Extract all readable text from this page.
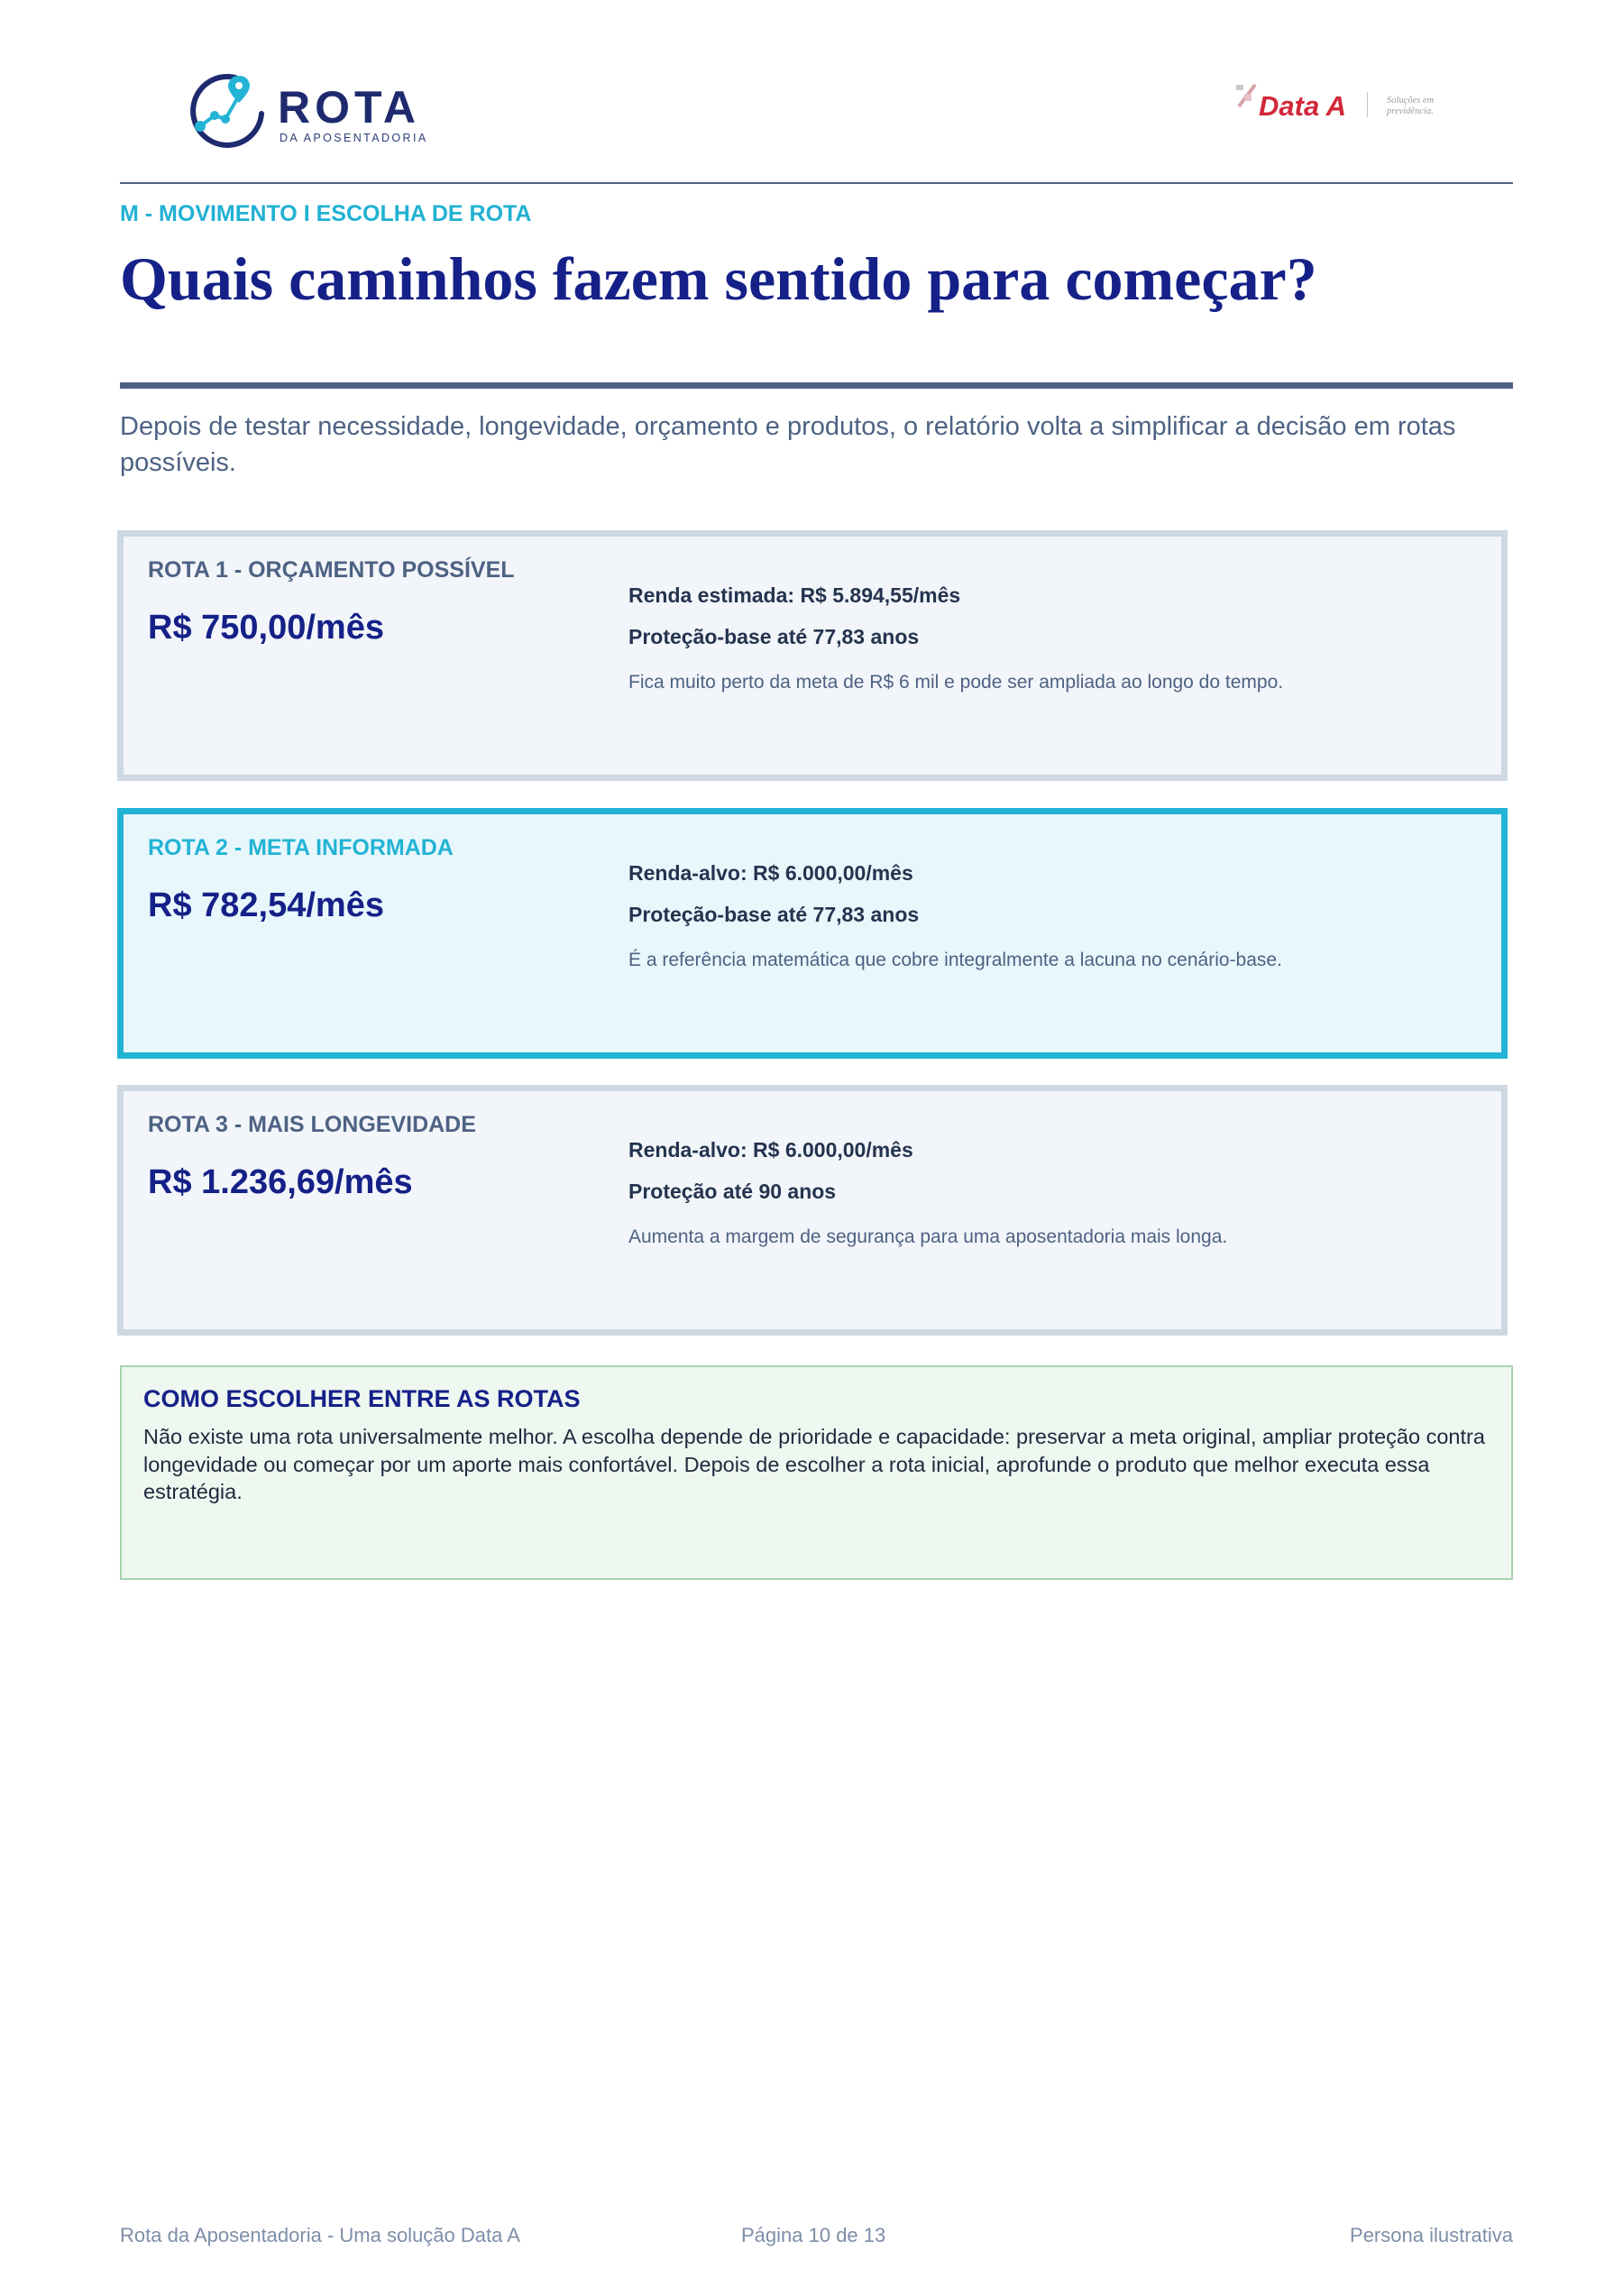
ROTA
DA APOSENTADORIA
Data A	Soluções em
previdência.
M - MOVIMENTO I ESCOLHA DE ROTA
Quais caminhos fazem sentido para começar?
Depois de testar necessidade, longevidade, orçamento e produtos, o relatório volta a simplificar a decisão em rotas possíveis.
ROTA 1 - ORÇAMENTO POSSÍVEL
R$ 750,00/mês
Renda estimada: R$ 5.894,55/mês
Proteção-base até 77,83 anos
Fica muito perto da meta de R$ 6 mil e pode ser ampliada ao longo do tempo.
ROTA 2 - META INFORMADA
R$ 782,54/mês
Renda-alvo: R$ 6.000,00/mês
Proteção-base até 77,83 anos
É a referência matemática que cobre integralmente a lacuna no cenário-base.
ROTA 3 - MAIS LONGEVIDADE
R$ 1.236,69/mês
Renda-alvo: R$ 6.000,00/mês
Proteção até 90 anos
Aumenta a margem de segurança para uma aposentadoria mais longa.
COMO ESCOLHER ENTRE AS ROTAS
Não existe uma rota universalmente melhor. A escolha depende de prioridade e capacidade: preservar a meta original, ampliar proteção contra longevidade ou começar por um aporte mais confortável. Depois de escolher a rota inicial, aprofunde o produto que melhor executa essa estratégia.
Rota da Aposentadoria - Uma solução Data A	Página 10 de 13	Persona ilustrativa
